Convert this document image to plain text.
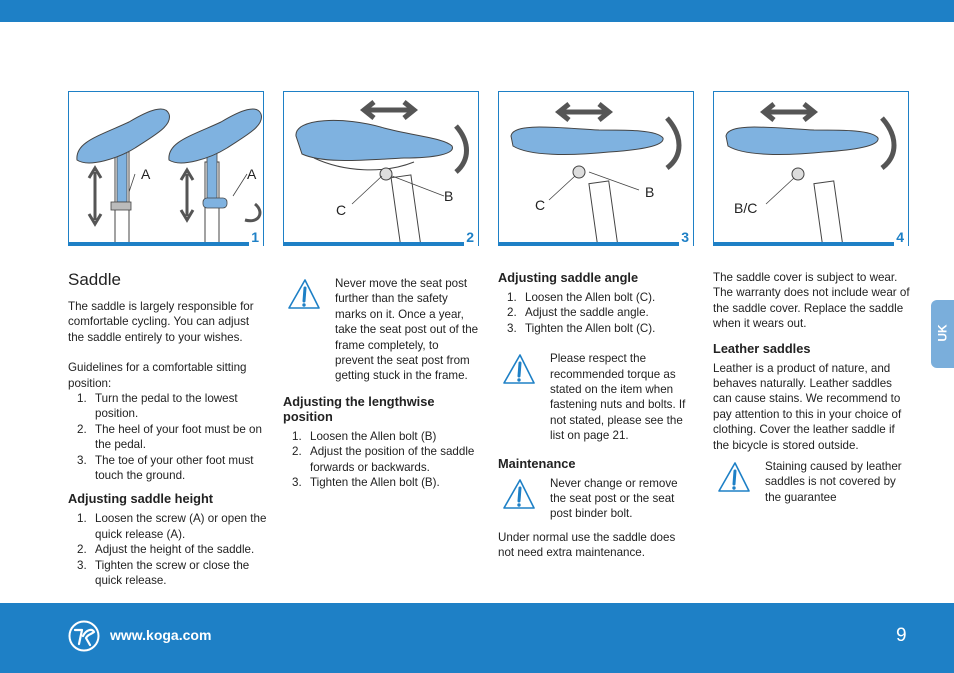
A	A
1
C
B
2
C
B
3
B/C
4
Saddle

The saddle is largely responsible for comfortable cycling. You can adjust the saddle entirely to your wishes.

Guidelines for a comfortable sitting position:

1. Turn the pedal to the lowest position.
2. The heel of your foot must be on the pedal.
3. The toe of your other foot must touch the ground.
Adjusting saddle height
1. Loosen the screw (A) or open the quick release (A).
2. Adjust the height of the saddle.
3. Tighten the screw or close the quick release.

Never move the seat post further than the safety marks on it. Once a year, take the seat post out of the frame completely, to prevent the seat post from getting stuck in the frame.

Adjusting the lengthwise position
1. Loosen the Allen bolt (B)
2. Adjust the position of the saddle forwards or backwards.
3. Tighten the Allen bolt (B).
Adjusting saddle angle
1. Loosen the Allen bolt (C).
2. Adjust the saddle angle.
3. Tighten the Allen bolt (C).

Please respect the recommended torque as stated on the item when fastening nuts and bolts. If not stated, please see the list on page 21.

Maintenance

Never change or remove the seat post or the seat post binder bolt.

Under normal use the saddle does not need extra maintenance.

The saddle cover is subject to wear. The warranty does not include wear of the saddle cover. Replace the saddle when it wears out.

Leather saddles

Leather is a product of nature, and behaves naturally. Leather saddles can cause stains. We recommend to pay attention to this in your choice of clothing. Cover the leather saddle if the bicycle is stored outside.

Staining caused by leather saddles is not covered by the guarantee

UK
www.koga.com	9
